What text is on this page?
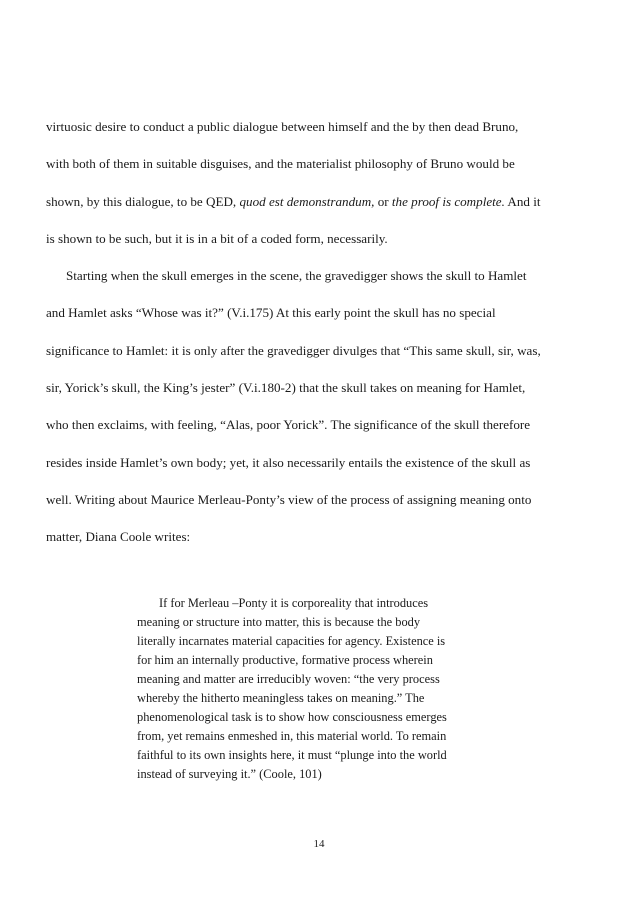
virtuosic desire to conduct a public dialogue between himself and the by then dead Bruno,
with both of them in suitable disguises, and the materialist philosophy of Bruno would be
shown, by this dialogue, to be QED, quod est demonstrandum, or the proof is complete. And it
is shown to be such, but it is in a bit of a coded form, necessarily.
Starting when the skull emerges in the scene, the gravedigger shows the skull to Hamlet
and Hamlet asks “Whose was it?” (V.i.175) At this early point the skull has no special
significance to Hamlet: it is only after the gravedigger divulges that “This same skull, sir, was,
sir, Yorick’s skull, the King’s jester” (V.i.180-2) that the skull takes on meaning for Hamlet,
who then exclaims, with feeling, “Alas, poor Yorick”. The significance of the skull therefore
resides inside Hamlet’s own body; yet, it also necessarily entails the existence of the skull as
well. Writing about Maurice Merleau-Ponty’s view of the process of assigning meaning onto
matter, Diana Coole writes:
If for Merleau –Ponty it is corporeality that introduces
meaning or structure into matter, this is because the body
literally incarnates material capacities for agency. Existence is
for him an internally productive, formative process wherein
meaning and matter are irreducibly woven: “the very process
whereby the hitherto meaningless takes on meaning.” The
phenomenological task is to show how consciousness emerges
from, yet remains enmeshed in, this material world. To remain
faithful to its own insights here, it must “plunge into the world
instead of surveying it.” (Coole, 101)
14
